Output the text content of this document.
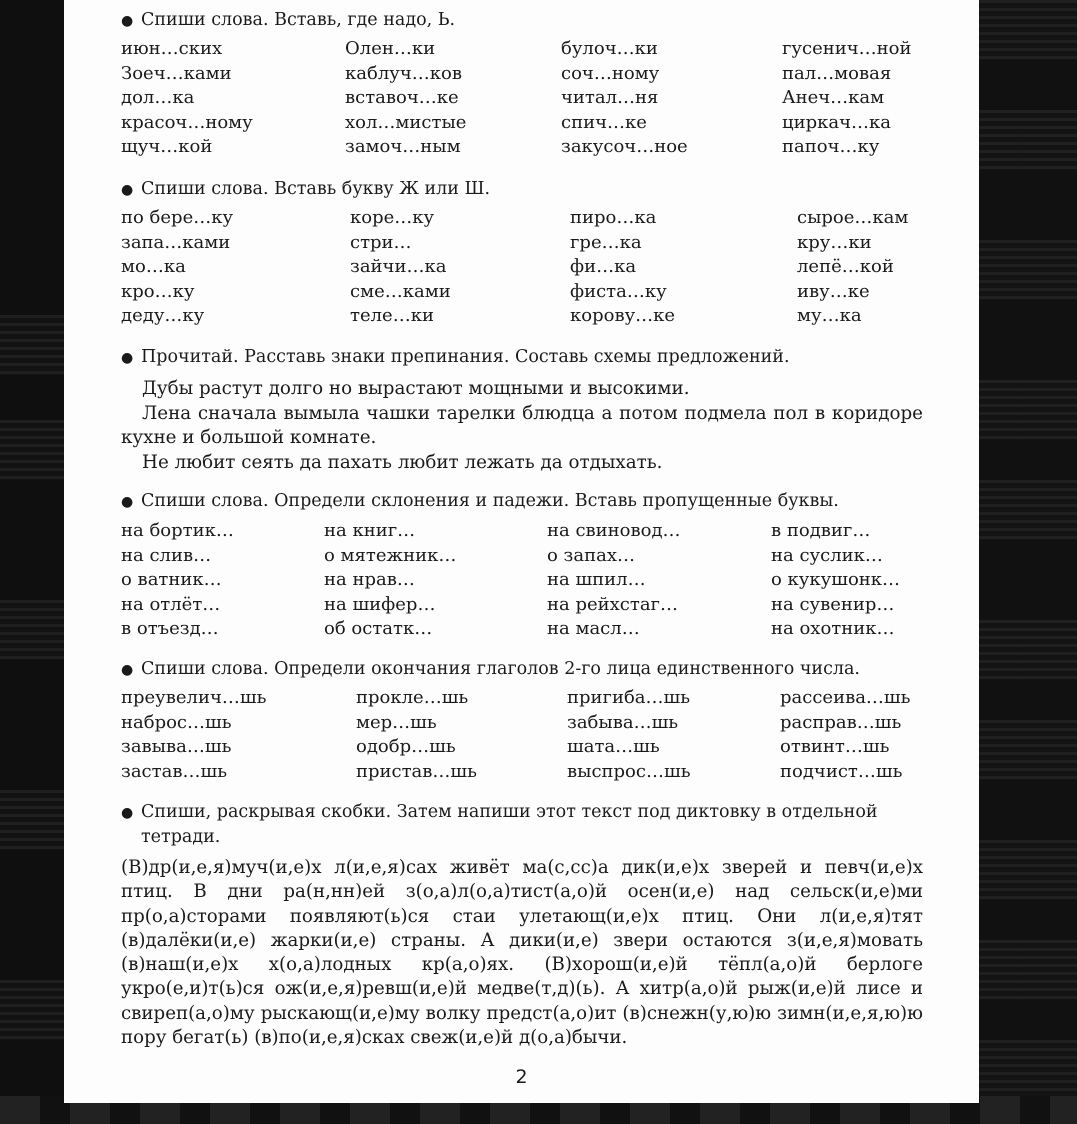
● Спиши слова. Вставь, где надо, Ь.
июн…ских	Олен…ки	булоч…ки	гусенич…ной
Зоеч…ками	каблуч…ков	соч…ному	пал…мовая
дол…ка	вставоч…ке	читал…ня	Анеч…кам
красоч…ному	хол…мистые	спич…ке	циркач…ка
щуч…кой	замоч…ным	закусоч…ное	папоч…ку
● Спиши слова. Вставь букву Ж или Ш.
по бере…ку	коре…ку	пиро…ка	сырое…кам
запа…ками	стри…	гре…ка	кру…ки
мо…ка	зайчи…ка	фи…ка	лепё…кой
кро…ку	сме…ками	фиста…ку	иву…ке
деду…ку	теле…ки	корову…ке	му…ка
● Прочитай. Расставь знаки препинания. Составь схемы предложений.

Дубы растут долго но вырастают мощными и высокими.

Лена сначала вымыла чашки тарелки блюдца а потом подмела пол в коридоре кухне и большой комнате.

Не любит сеять да пахать любит лежать да отдыхать.

● Спиши слова. Определи склонения и падежи. Вставь пропущенные буквы.
на бортик…	на книг…	на свиновод…	в подвиг…
на слив…	о мятежник…	о запах…	на суслик…
о ватник…	на нрав…	на шпил…	о кукушонк…
на отлёт…	на шифер…	на рейхстаг…	на сувенир…
в отъезд…	об остатк…	на масл…	на охотник…
● Спиши слова. Определи окончания глаголов 2-го лица единственного числа.
преувелич…шь	прокле…шь	пригиба…шь	рассеива…шь
наброс…шь	мер…шь	забыва…шь	расправ…шь
завыва…шь	одобр…шь	шата…шь	отвинт…шь
застав…шь	пристав…шь	выспрос…шь	подчист…шь
● Спиши, раскрывая скобки. Затем напиши этот текст под диктовку в отдельной тетради.
(В)др(и,е,я)муч(и,е)х л(и,е,я)сах живёт ма(с,сс)а дик(и,е)х зверей и певч(и,е)х птиц. В дни ра(н,нн)ей з(о,а)л(о,а)тист(а,о)й осен(и,е) над сельск(и,е)ми пр(о,а)сторами появляют(ь)ся стаи улетающ(и,е)х птиц. Они л(и,е,я)тят (в)далёки(и,е) жарки(и,е) страны. А дики(и,е) звери остаются з(и,е,я)мовать (в)наш(и,е)х х(о,а)лодных кр(а,о)ях. (В)хорош(и,е)й тёпл(а,о)й берлоге укро(е,и)т(ь)ся ож(и,е,я)ревш(и,е)й медве(т,д)(ь). А хитр(а,о)й рыж(и,е)й лисе и свиреп(а,о)му рыскающ(и,е)му волку предст(а,о)ит (в)снежн(у,ю)ю зимн(и,е,я,ю)ю пору бегат(ь) (в)по(и,е,я)сках свеж(и,е)й д(о,а)бычи.
2
